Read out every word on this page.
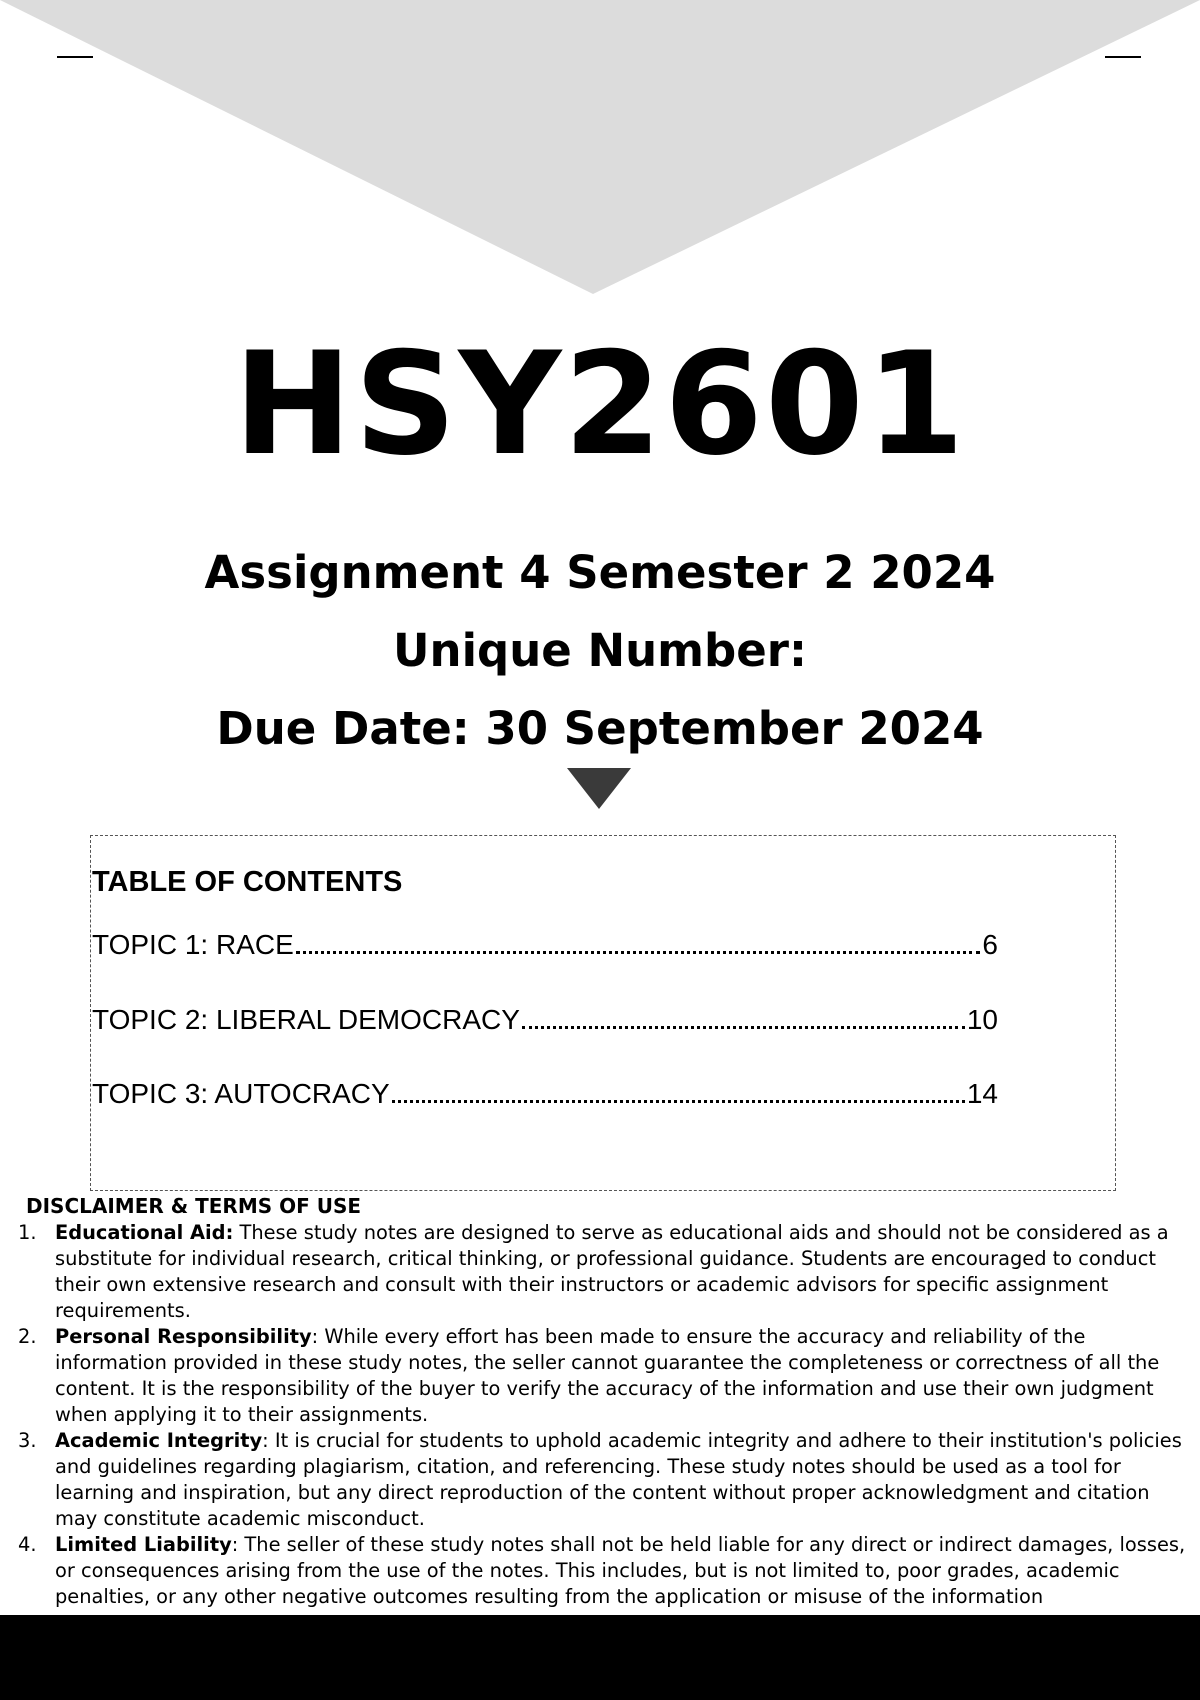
HSY2601
Assignment 4 Semester 2 2024
Unique Number:
Due Date: 30 September 2024
TABLE OF CONTENTS
TOPIC 1: RACE	6
TOPIC 2: LIBERAL DEMOCRACY	10
TOPIC 3: AUTOCRACY	14
DISCLAIMER & TERMS OF USE
1. Educational Aid: These study notes are designed to serve as educational aids and should not be considered as a substitute for individual research, critical thinking, or professional guidance. Students are encouraged to conduct their own extensive research and consult with their instructors or academic advisors for specific assignment requirements.
2. Personal Responsibility: While every effort has been made to ensure the accuracy and reliability of the information provided in these study notes, the seller cannot guarantee the completeness or correctness of all the content. It is the responsibility of the buyer to verify the accuracy of the information and use their own judgment when applying it to their assignments.
3. Academic Integrity: It is crucial for students to uphold academic integrity and adhere to their institution's policies and guidelines regarding plagiarism, citation, and referencing. These study notes should be used as a tool for learning and inspiration, but any direct reproduction of the content without proper acknowledgment and citation may constitute academic misconduct.
4. Limited Liability: The seller of these study notes shall not be held liable for any direct or indirect damages, losses, or consequences arising from the use of the notes. This includes, but is not limited to, poor grades, academic penalties, or any other negative outcomes resulting from the application or misuse of the information
